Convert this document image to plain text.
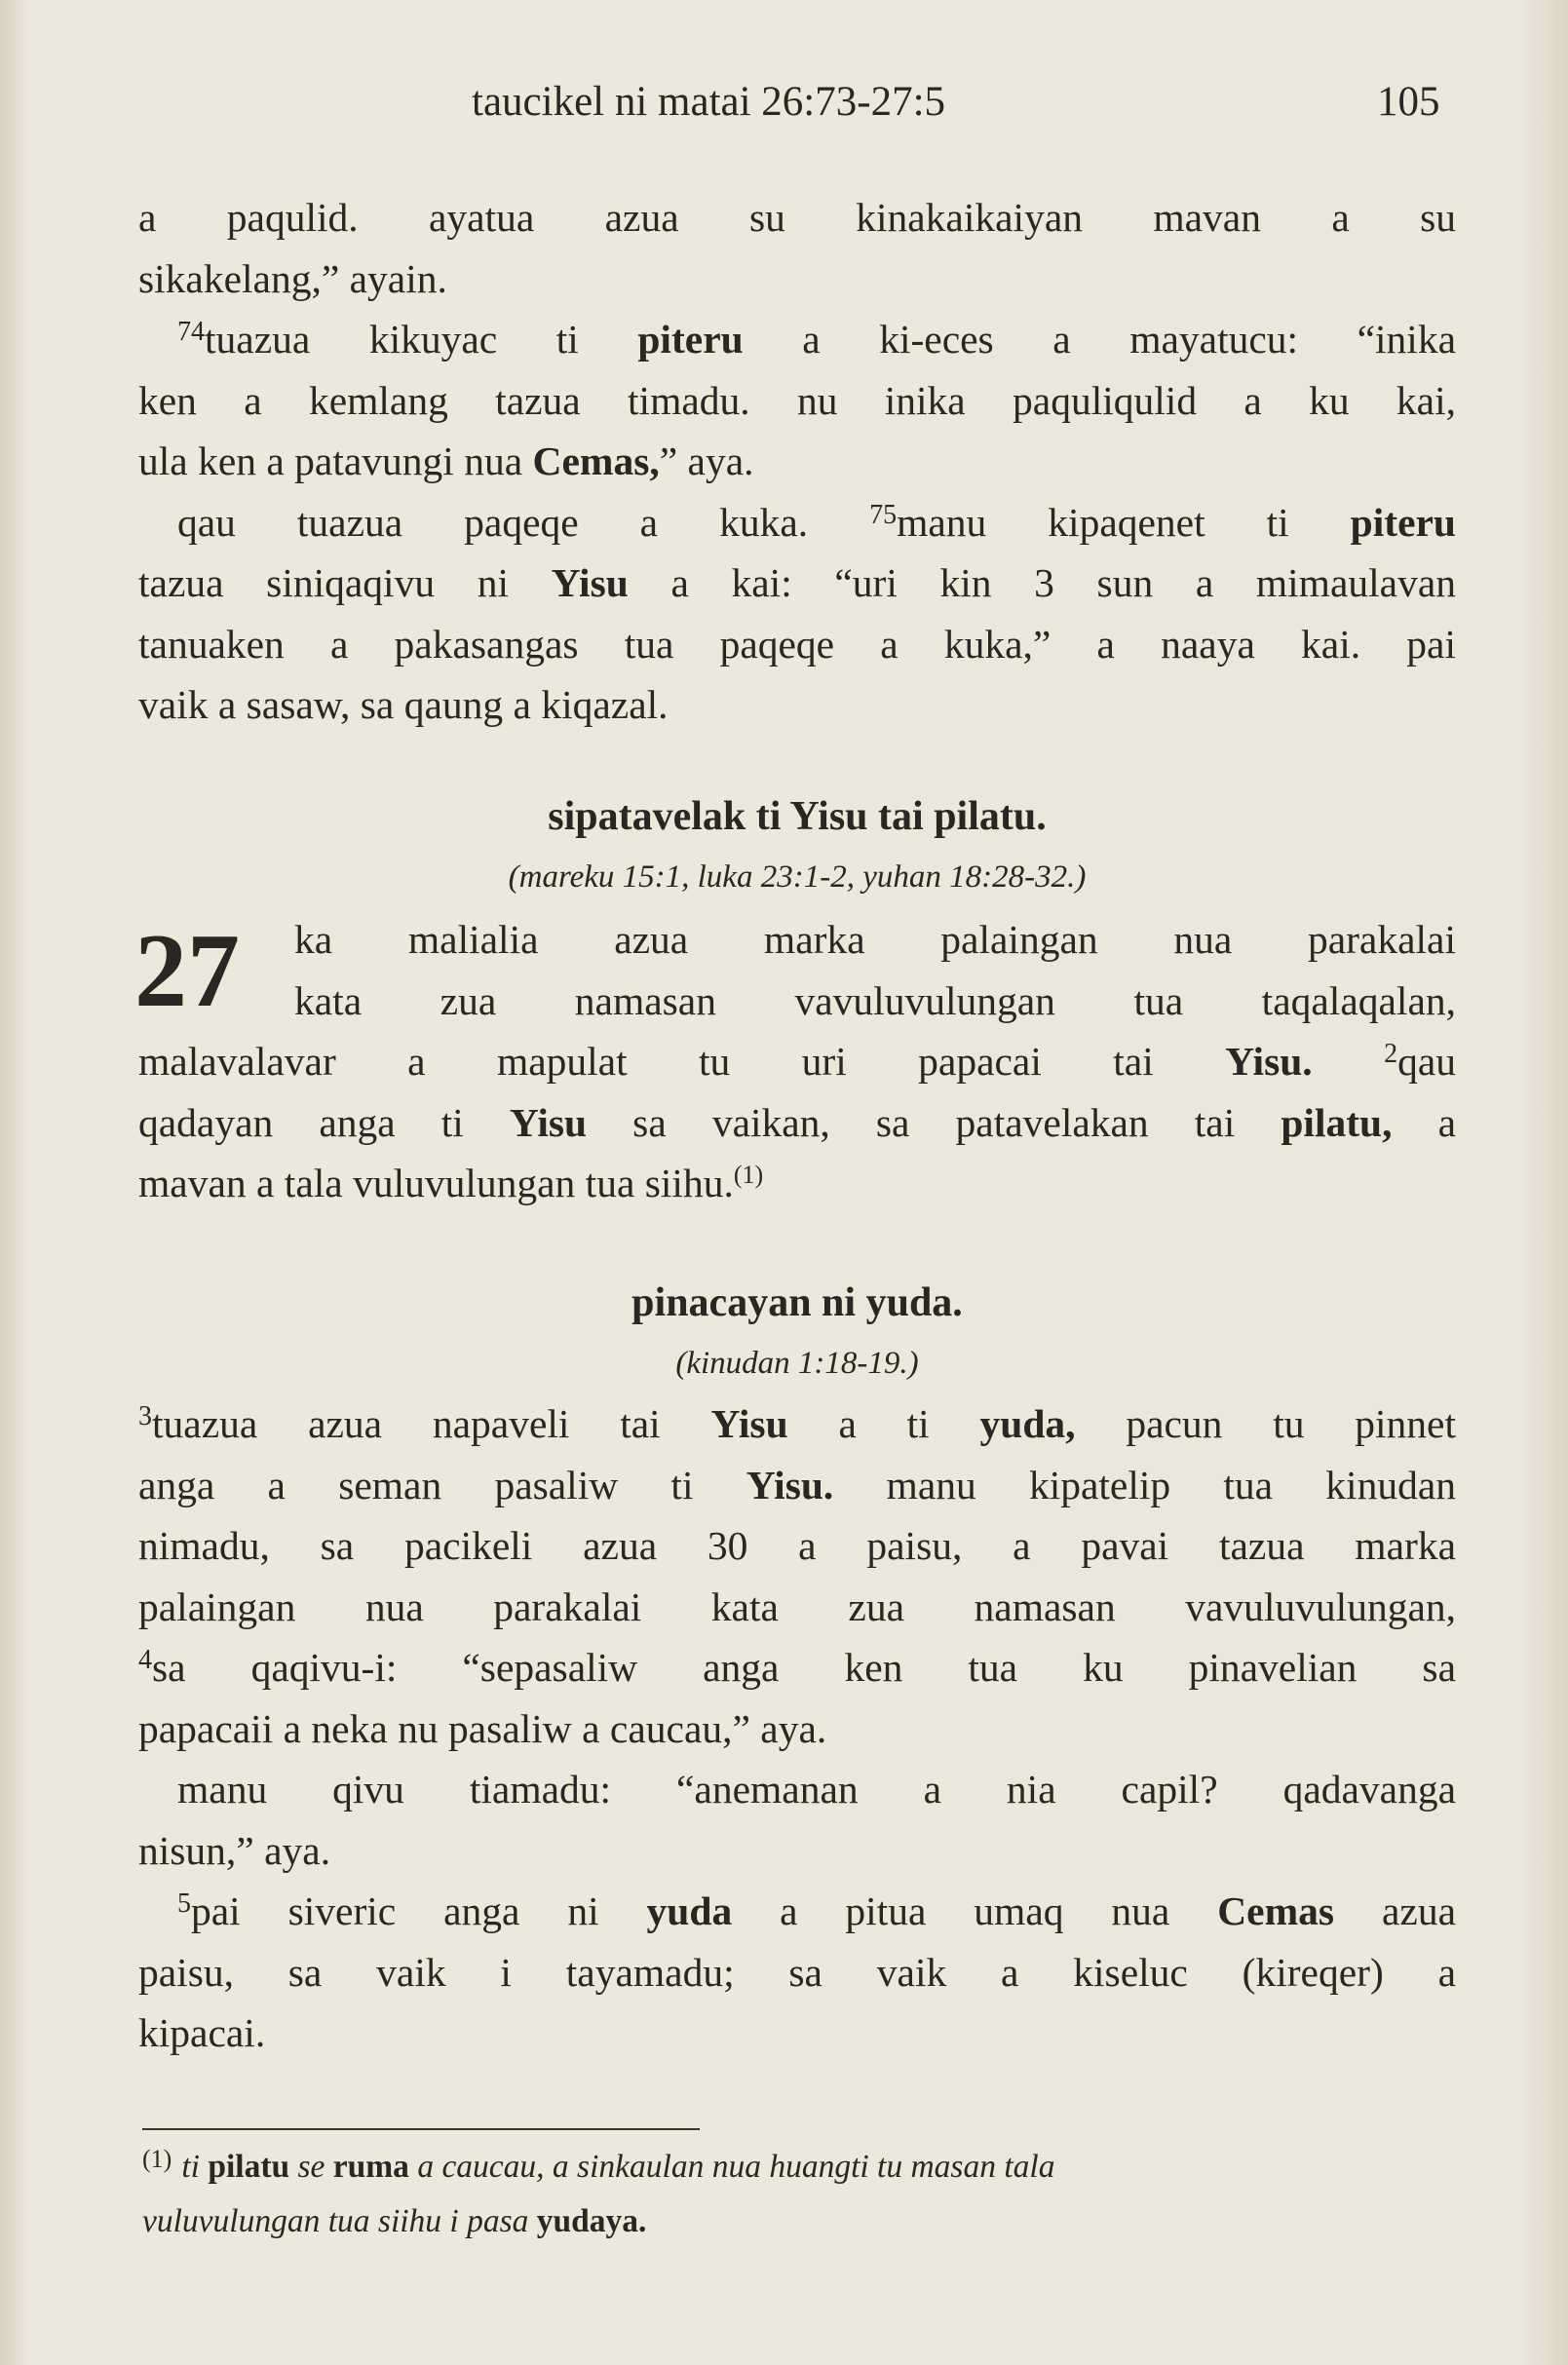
taucikel ni matai 26:73-27:5	105
a paqulid. ayatua azua su kinakaikaiyan mavan a su
sikakelang,” ayain.
$^{74}$tuazua kikuyac ti piteru a ki-eces a mayatucu: “inika
ken a kemlang tazua timadu. nu inika paquliqulid a ku kai,
ula ken a patavungi nua Cemas,” aya.
qau tuazua paqeqe a kuka. $^{75}$manu kipaqenet ti piteru
tazua siniqaqivu ni Yisu a kai: “uri kin 3 sun a mimaulavan
tanuaken a pakasangas tua paqeqe a kuka,” a naaya kai. pai
vaik a sasaw, sa qaung a kiqazal.
sipatavelak ti Yisu tai pilatu.
(mareku 15:1, luka 23:1-2, yuhan 18:28-32.)
27	ka malialia azua marka palaingan nua parakalai
kata zua namasan vavuluvulungan tua taqalaqalan,
malavalavar a mapulat tu uri papacai tai Yisu.	$^2$qau
qadayan anga ti Yisu sa vaikan, sa patavelakan tai pilatu, a
mavan a tala vuluvulungan tua siihu.$^{(1)}$
pinacayan ni yuda.
(kinudan 1:18-19.)
$^3$tuazua azua napaveli tai Yisu a ti yuda, pacun tu pinnet
anga a seman pasaliw ti Yisu. manu kipatelip tua kinudan
nimadu, sa pacikeli azua 30 a paisu, a pavai tazua marka
palaingan nua parakalai kata zua namasan vavuluvulungan,
$^4$sa qaqivu-i: “sepasaliw anga ken tua ku pinavelian sa
papacaii a neka nu pasaliw a caucau,” aya.
manu qivu tiamadu: “anemanan a nia capil? qadavanga
nisun,” aya.
$^5$pai siveric anga ni yuda a pitua umaq nua Cemas azua
paisu, sa vaik i tayamadu; sa vaik a kiseluc (kireqer) a
kipacai.
$^{(1)}$ ti pilatu se ruma a caucau, a sinkaulan nua huangti tu masan tala
vuluvulungan tua siihu i pasa yudaya.
